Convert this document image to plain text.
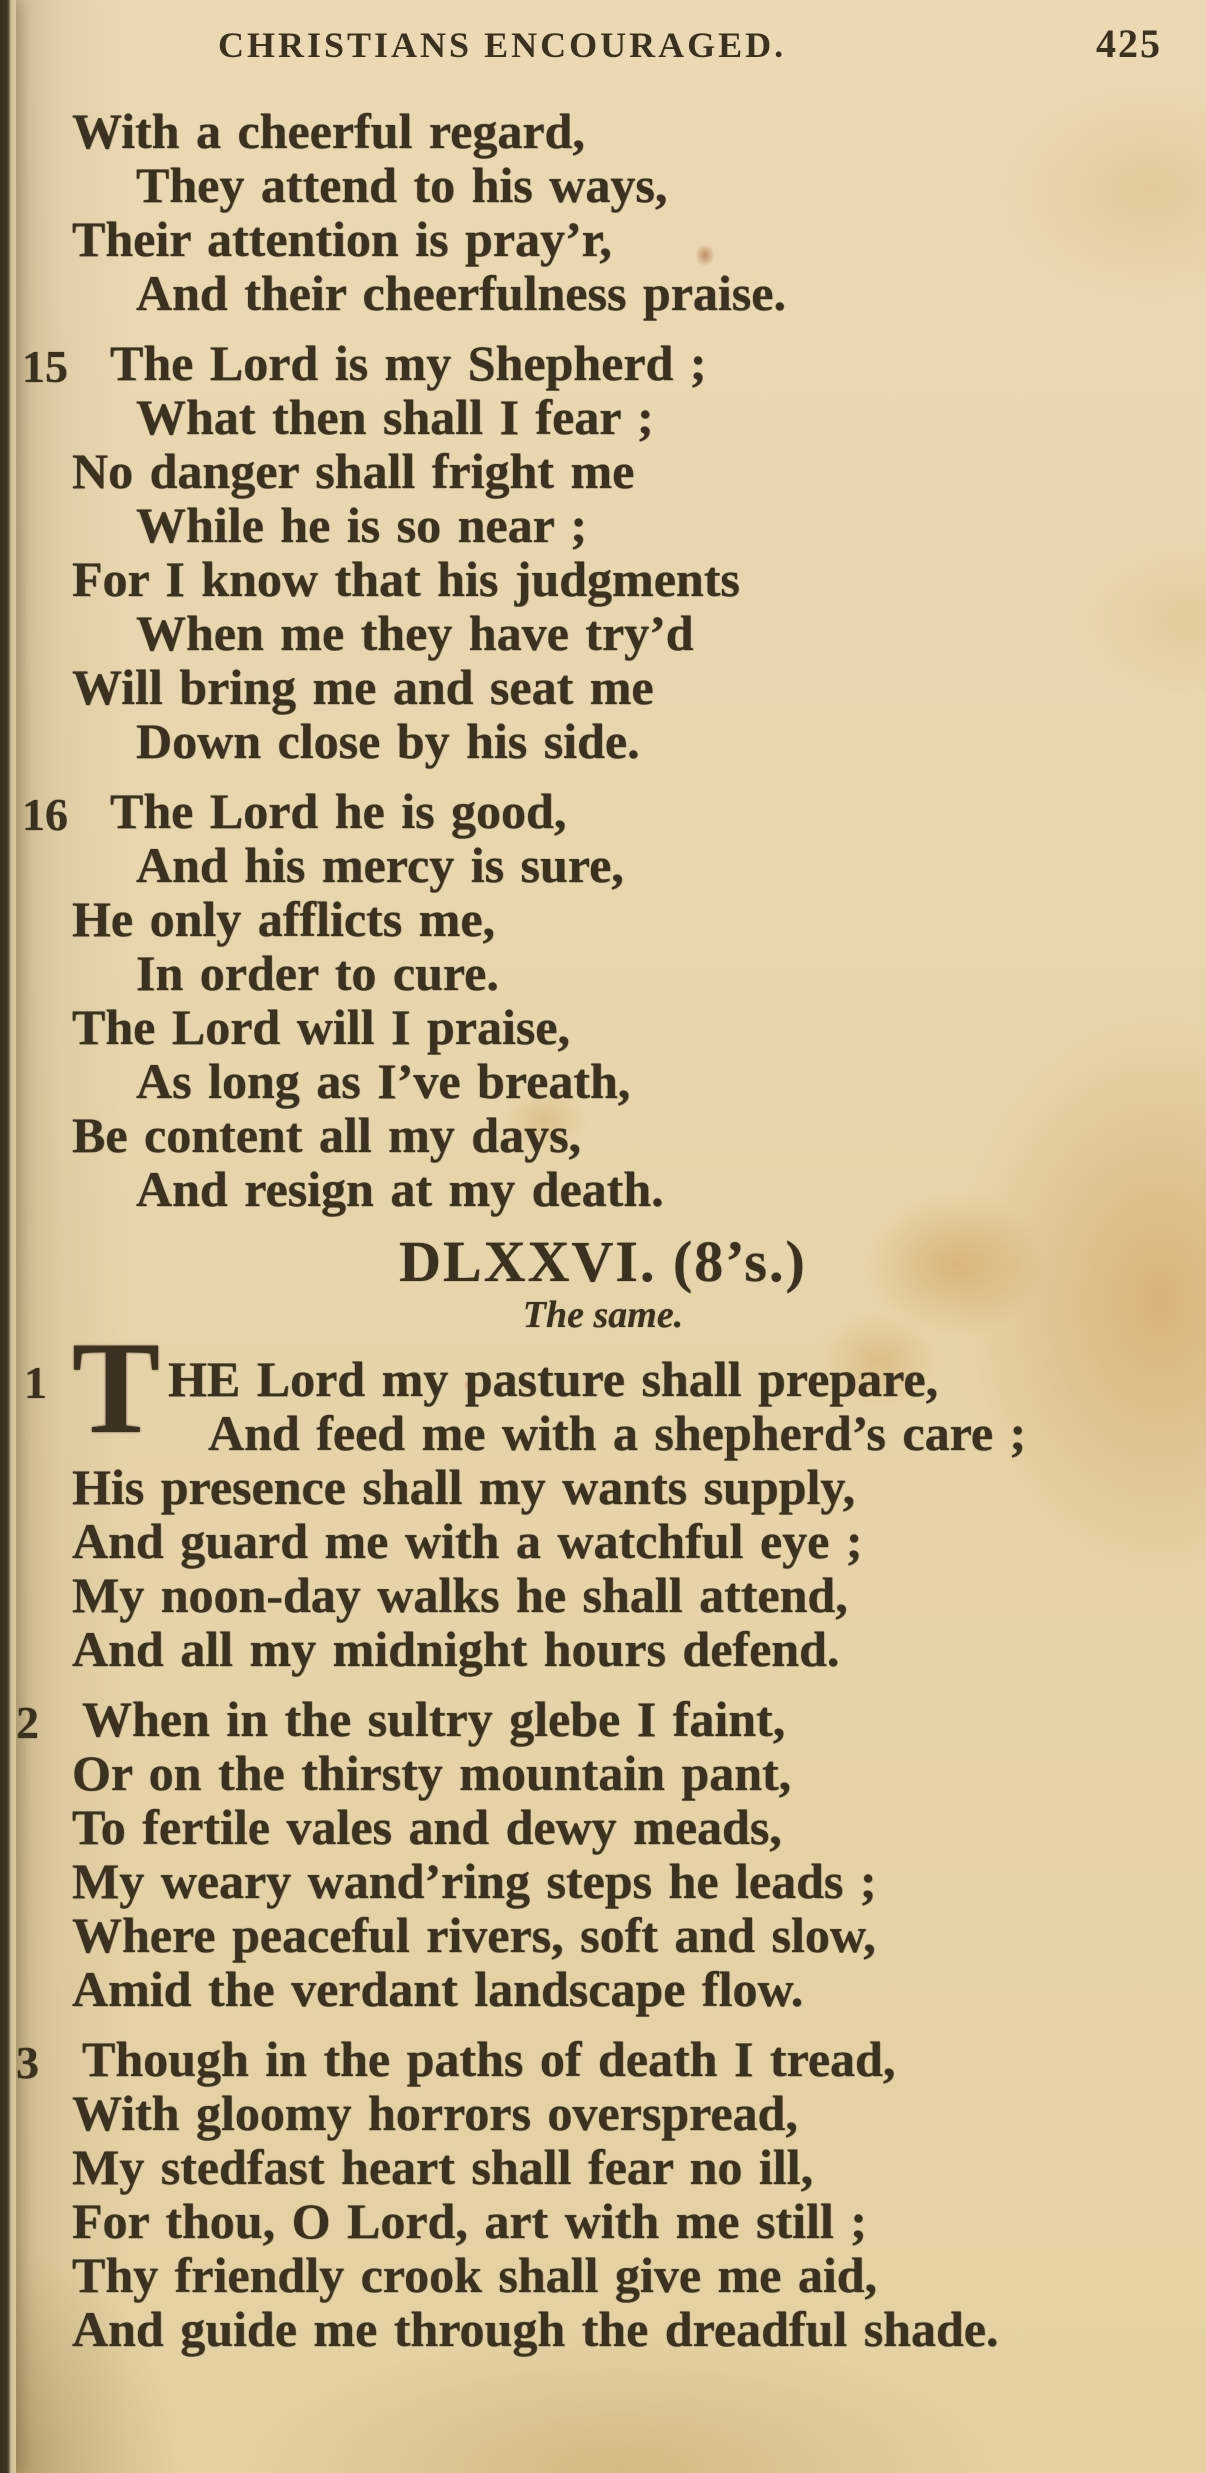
CHRISTIANS ENCOURAGED.	425
With a cheerful regard,
They attend to his ways,
Their attention is pray’r,
And their cheerfulness praise.
15 The Lord is my Shepherd ;
What then shall I fear ;
No danger shall fright me
While he is so near ;
For I know that his judgments
When me they have try’d
Will bring me and seat me
Down close by his side.
16 The Lord he is good,
And his mercy is sure,
He only afflicts me,
In order to cure.
The Lord will I praise,
As long as I’ve breath,
Be content all my days,
And resign at my death.
DLXXVI. (8’s.)
The same.
1 T HE Lord my pasture shall prepare,
And feed me with a shepherd’s care ;
His presence shall my wants supply,
And guard me with a watchful eye ;
My noon-day walks he shall attend,
And all my midnight hours defend.
2 When in the sultry glebe I faint,
Or on the thirsty mountain pant,
To fertile vales and dewy meads,
My weary wand’ring steps he leads ;
Where peaceful rivers, soft and slow,
Amid the verdant landscape flow.
3 Though in the paths of death I tread,
With gloomy horrors overspread,
My stedfast heart shall fear no ill,
For thou, O Lord, art with me still ;
Thy friendly crook shall give me aid,
And guide me through the dreadful shade.
